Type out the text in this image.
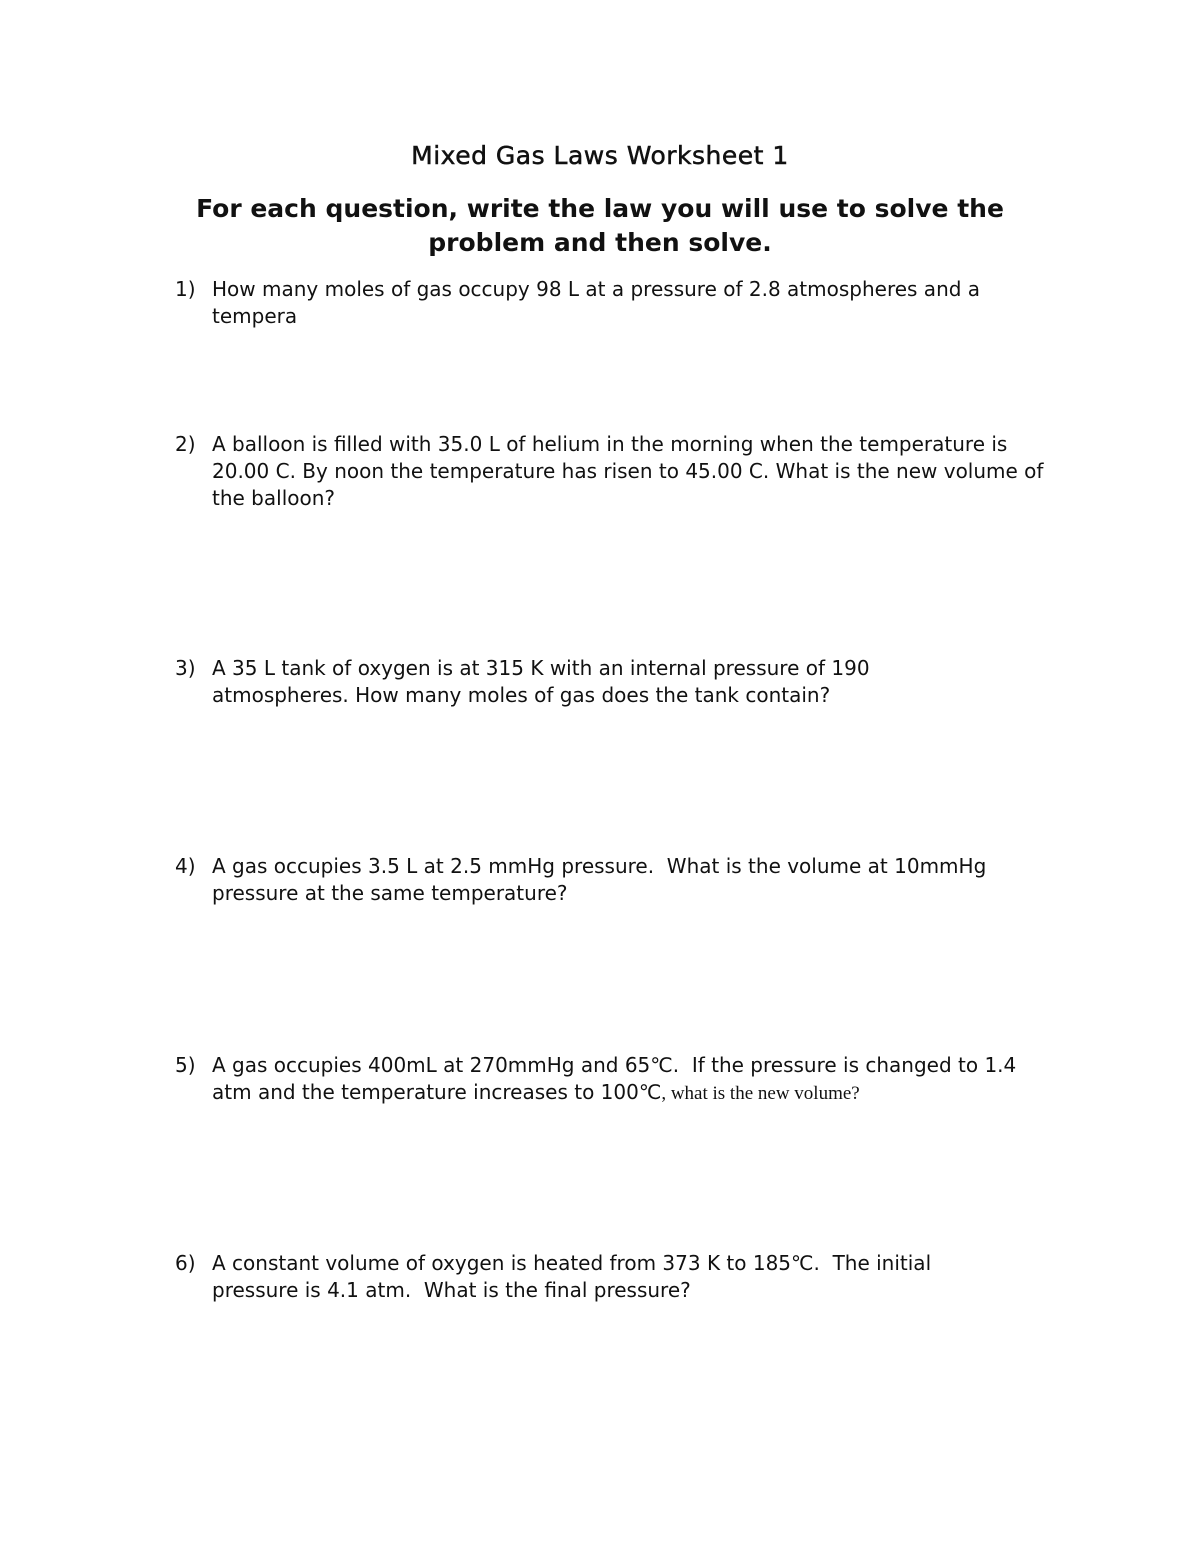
Mixed Gas Laws Worksheet 1
For each question, write the law you will use to solve the problem and then solve.
1) How many moles of gas occupy 98 L at a pressure of 2.8 atmospheres and a tempera
2) A balloon is filled with 35.0 L of helium in the morning when the temperature is 20.00 C. By noon the temperature has risen to 45.00 C. What is the new volume of the balloon?
3) A 35 L tank of oxygen is at 315 K with an internal pressure of 190 atmospheres. How many moles of gas does the tank contain?
4) A gas occupies 3.5 L at 2.5 mmHg pressure.  What is the volume at 10mmHg pressure at the same temperature?
5) A gas occupies 400mL at 270mmHg and 65℃.  If the pressure is changed to 1.4 atm and the temperature increases to 100℃, what is the new volume?
6) A constant volume of oxygen is heated from 373 K to 185℃.  The initial pressure is 4.1 atm.  What is the final pressure?
